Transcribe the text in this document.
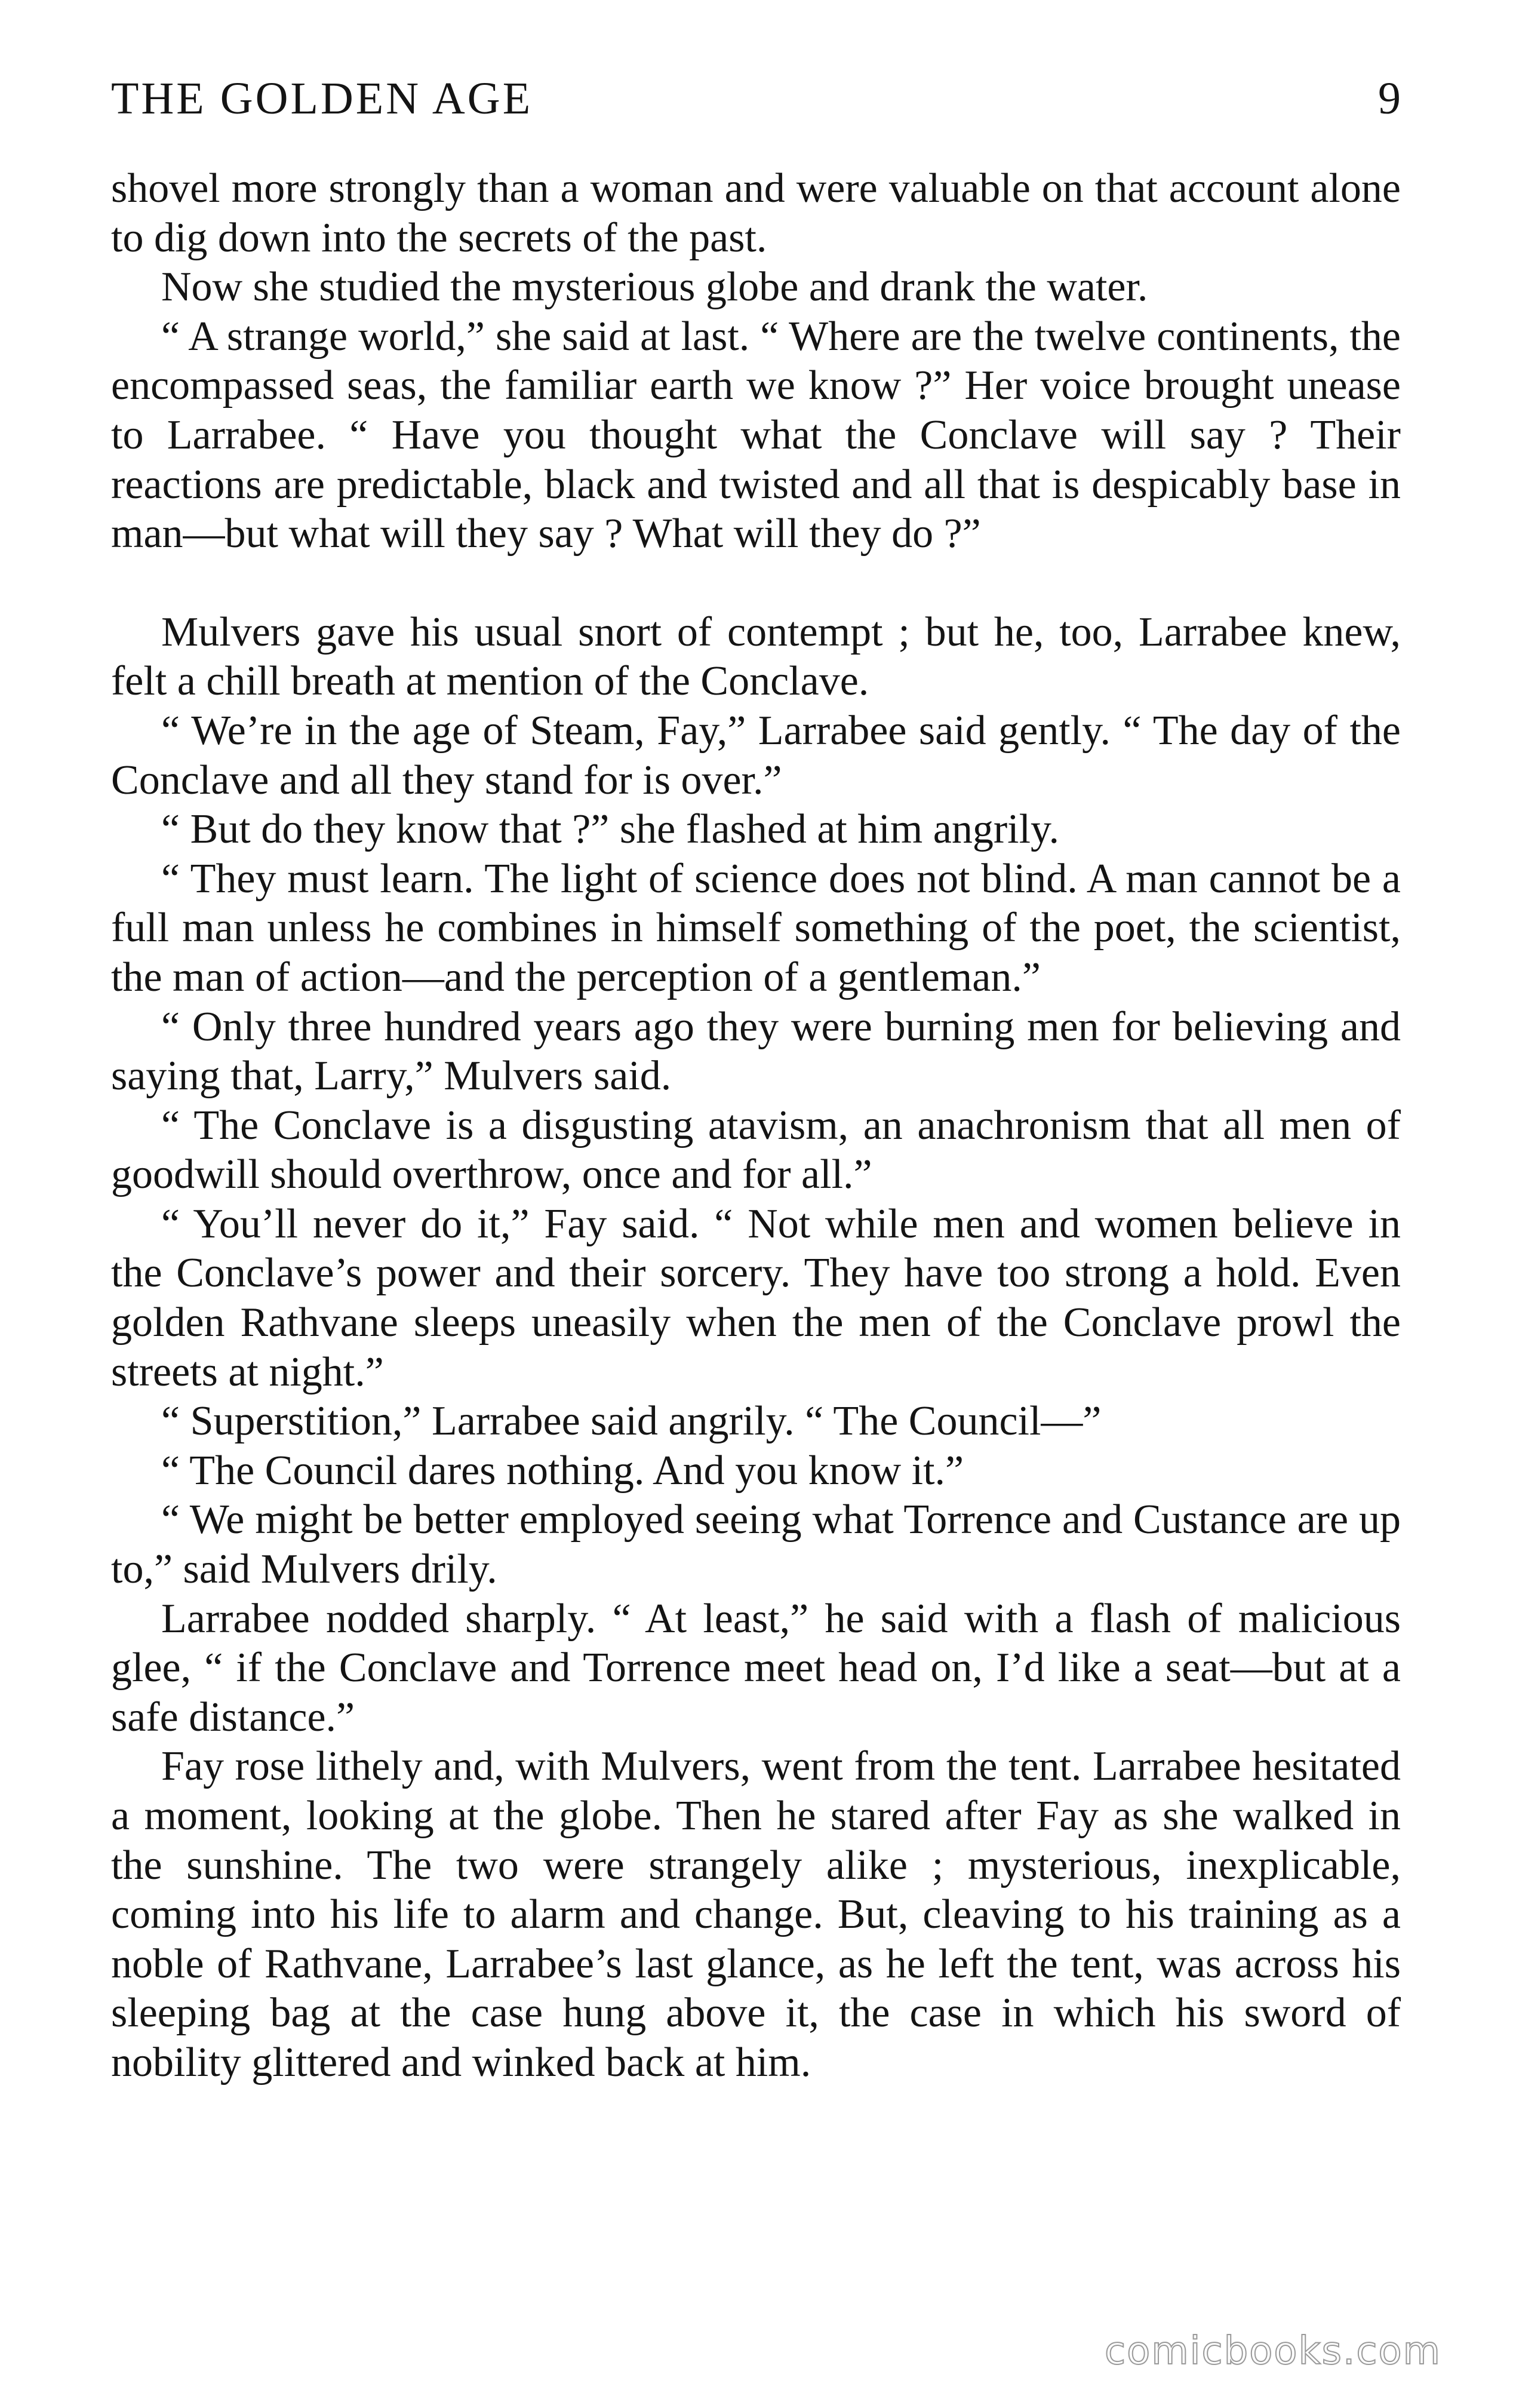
THE GOLDEN AGE	9

shovel more strongly than a woman and were valuable on that account alone to dig down into the secrets of the past.

Now she studied the mysterious globe and drank the water.

“ A strange world,” she said at last. “ Where are the twelve continents, the encompassed seas, the familiar earth we know ?” Her voice brought unease to Larrabee. “ Have you thought what the Conclave will say ? Their reactions are predictable, black and twisted and all that is despicably base in man—but what will they say ? What will they do ?”

Mulvers gave his usual snort of contempt ; but he, too, Larrabee knew, felt a chill breath at mention of the Conclave.

“ We’re in the age of Steam, Fay,” Larrabee said gently. “ The day of the Conclave and all they stand for is over.”

“ But do they know that ?” she flashed at him angrily.

“ They must learn. The light of science does not blind. A man cannot be a full man unless he combines in himself something of the poet, the scientist, the man of action—and the perception of a gentleman.”

“ Only three hundred years ago they were burning men for believing and saying that, Larry,” Mulvers said.

“ The Conclave is a disgusting atavism, an anachronism that all men of goodwill should overthrow, once and for all.”

“ You’ll never do it,” Fay said. “ Not while men and women believe in the Conclave’s power and their sorcery. They have too strong a hold. Even golden Rathvane sleeps uneasily when the men of the Conclave prowl the streets at night.”

“ Superstition,” Larrabee said angrily. “ The Council—”

“ The Council dares nothing. And you know it.”

“ We might be better employed seeing what Torrence and Custance are up to,” said Mulvers drily.

Larrabee nodded sharply. “ At least,” he said with a flash of malicious glee, “ if the Conclave and Torrence meet head on, I’d like a seat—but at a safe distance.”

Fay rose lithely and, with Mulvers, went from the tent. Larrabee hesitated a moment, looking at the globe. Then he stared after Fay as she walked in the sunshine. The two were strangely alike ; mysterious, inexplicable, coming into his life to alarm and change. But, cleaving to his training as a noble of Rathvane, Larrabee’s last glance, as he left the tent, was across his sleeping bag at the case hung above it, the case in which his sword of nobility glittered and winked back at him.

comicbooks.com
